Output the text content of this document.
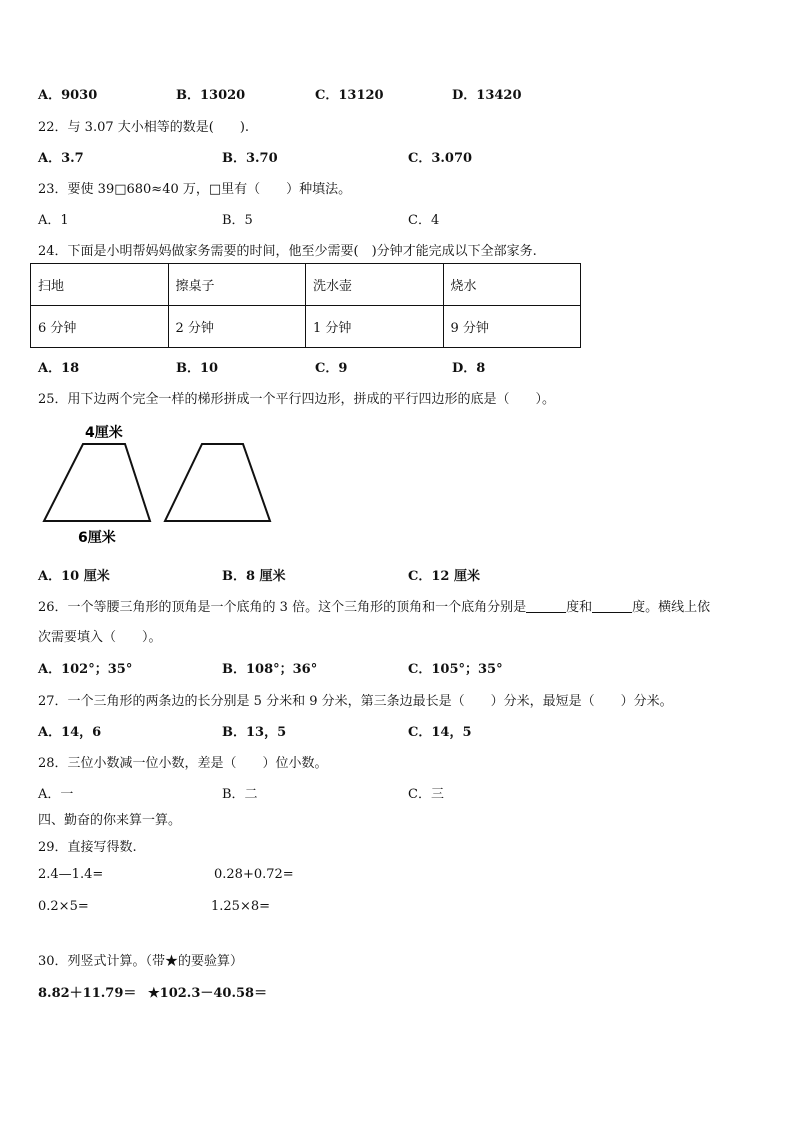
A．9030	B．13020	C．13120	D．13420
22．与 3.07 大小相等的数是(　　).
A．3.7	B．3.70	C．3.070
23．要使 39□680≈40 万，□里有（　　）种填法。
A．1	B．5	C．4
24．下面是小明帮妈妈做家务需要的时间，他至少需要(　)分钟才能完成以下全部家务.
扫地	擦桌子	洗水壶	烧水
6 分钟	2 分钟	1 分钟	9 分钟
A．18	B．10	C．9	D．8
25．用下边两个完全一样的梯形拼成一个平行四边形，拼成的平行四边形的底是（　　）。
4厘米
6厘米
A．10 厘米	B．8 厘米	C．12 厘米
26．一个等腰三角形的顶角是一个底角的 3 倍。这个三角形的顶角和一个底角分别是	度和	度。横线上依
次需要填入（　　）。
A．102°；35°	B．108°；36°	C．105°；35°
27．一个三角形的两条边的长分别是 5 分米和 9 分米，第三条边最长是（　　）分米，最短是（　　）分米。
A．14，6	B．13，5	C．14，5
28．三位小数减一位小数，差是（　　）位小数。
A．一	B．二	C．三
四、勤奋的你来算一算。
29．直接写得数.
2.4—1.4=	0.28+0.72=
0.2×5=	1.25×8=
30．列竖式计算。（带★的要验算）
8.82＋11.79＝ ★102.3－40.58＝
